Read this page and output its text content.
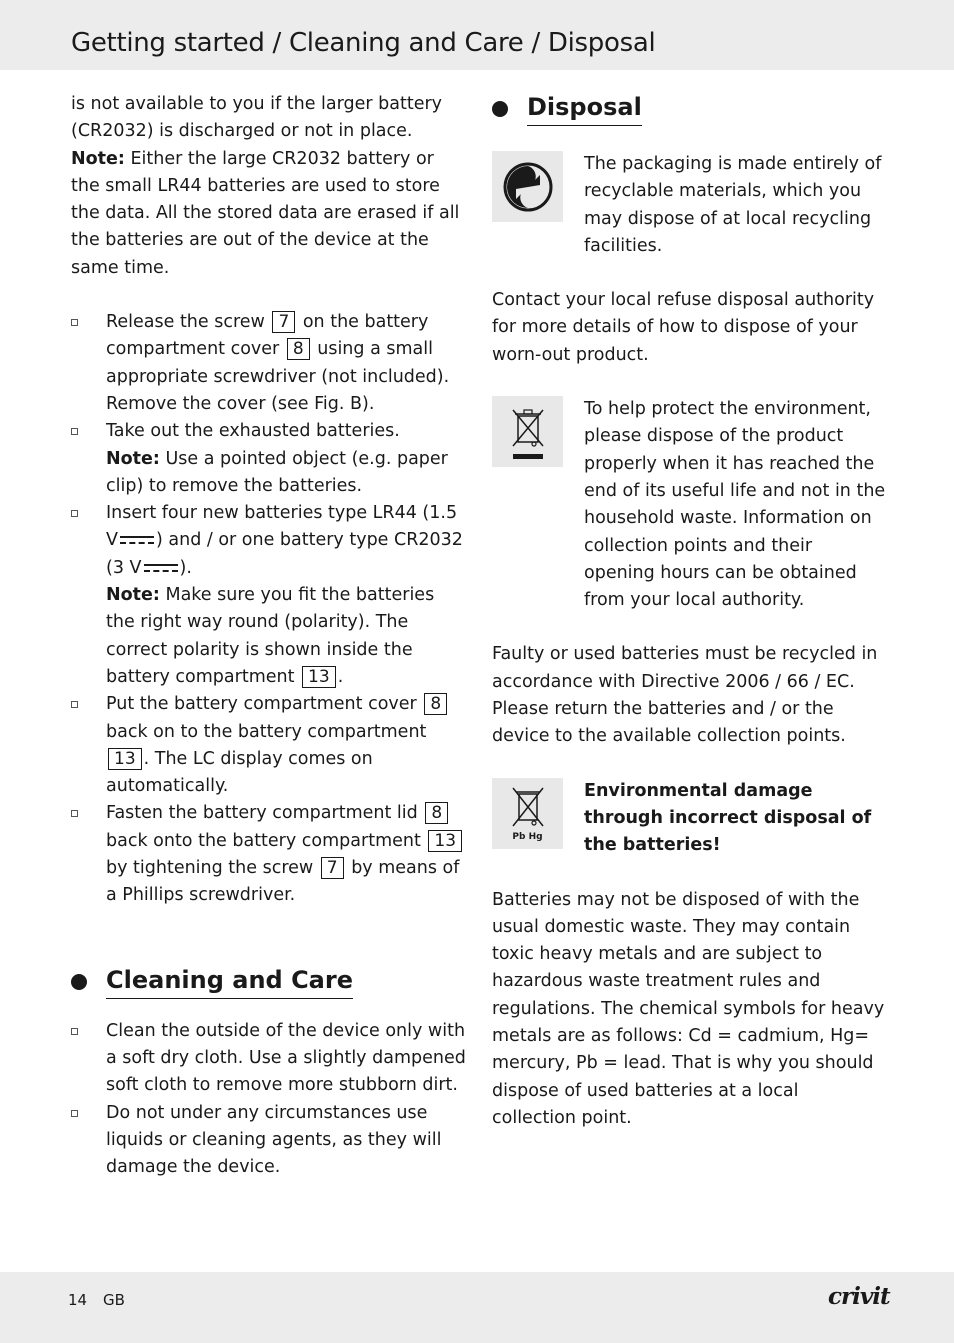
Getting started / Cleaning and Care / Disposal

is not available to you if the larger battery (CR2032) is discharged or not in place.

Note: Either the large CR2032 battery or the small LR44 batteries are used to store the data. All the stored data are erased if all the batteries are out of the device at the same time.

Release the screw 7 on the battery compartment cover 8 using a small appropriate screwdriver (not included). Remove the cover (see Fig. B).
Take out the exhausted batteries.

Note: Use a pointed object (e.g. paper clip) to remove the batteries.

Insert four new batteries type LR44 (1.5 V ) and / or one battery type CR2032 (3 V ).

Note: Make sure you fit the batteries the right way round (polarity). The correct polarity is shown inside the battery compartment 13 .

Put the battery compartment cover 8 back on to the battery compartment 13 . The LC display comes on automatically.
Fasten the battery compartment lid 8 back onto the battery compartment 13 by tightening the screw 7 by means of a Phillips screwdriver.
Cleaning and Care
Clean the outside of the device only with a soft dry cloth. Use a slightly dampened soft cloth to remove more stubborn dirt.
Do not under any circumstances use liquids or cleaning agents, as they will damage the device.
Disposal

The packaging is made entirely of recyclable materials, which you may dispose of at local recycling facilities.

Contact your local refuse disposal authority for more details of how to dispose of your worn-out product.

To help protect the environment, please dispose of the product properly when it has reached the end of its useful life and not in the household waste. Information on collection points and their opening hours can be obtained from your local authority.

Faulty or used batteries must be recycled in accordance with Directive 2006 / 66 / EC. Please return the batteries and / or the device to the available collection points.

Pb Hg

Environmental damage through incorrect disposal of the batteries!

Batteries may not be disposed of with the usual domestic waste. They may contain toxic heavy metals and are subject to hazardous waste treatment rules and regulations. The chemical symbols for heavy metals are as follows: Cd = cadmium, Hg= mercury, Pb = lead. That is why you should dispose of used batteries at a local collection point.

14 GB	crivit
